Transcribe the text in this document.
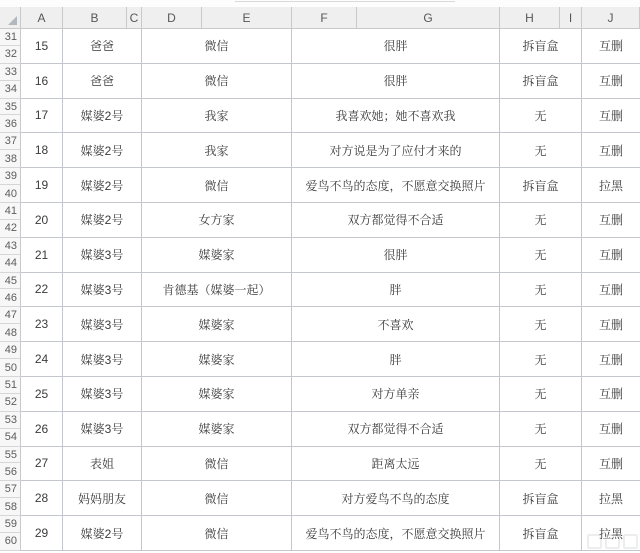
A	B	C	D	E	F	G	H	I	J
31
32
15	爸爸	微信	很胖	拆盲盒	互删
33
34
16	爸爸	微信	很胖	拆盲盒	互删
35
36
17	媒婆2号	我家	我喜欢她；她不喜欢我	无	互删
37
38
18	媒婆2号	我家	对方说是为了应付才来的	无	互删
39
40
19	媒婆2号	微信	爱鸟不鸟的态度，不愿意交换照片	拆盲盒	拉黑
41
42
20	媒婆2号	女方家	双方都觉得不合适	无	互删
43
44
21	媒婆3号	媒婆家	很胖	无	互删
45
46
22	媒婆3号	肯德基（媒婆一起）	胖	无	互删
47
48
23	媒婆3号	媒婆家	不喜欢	无	互删
49
50
24	媒婆3号	媒婆家	胖	无	互删
51
52
25	媒婆3号	媒婆家	对方单亲	无	互删
53
54
26	媒婆3号	媒婆家	双方都觉得不合适	无	互删
55
56
27	表姐	微信	距离太远	无	互删
57
58
28	妈妈朋友	微信	对方爱鸟不鸟的态度	拆盲盒	拉黑
59
60
29	媒婆2号	微信	爱鸟不鸟的态度，不愿意交换照片	拆盲盒	拉黑
